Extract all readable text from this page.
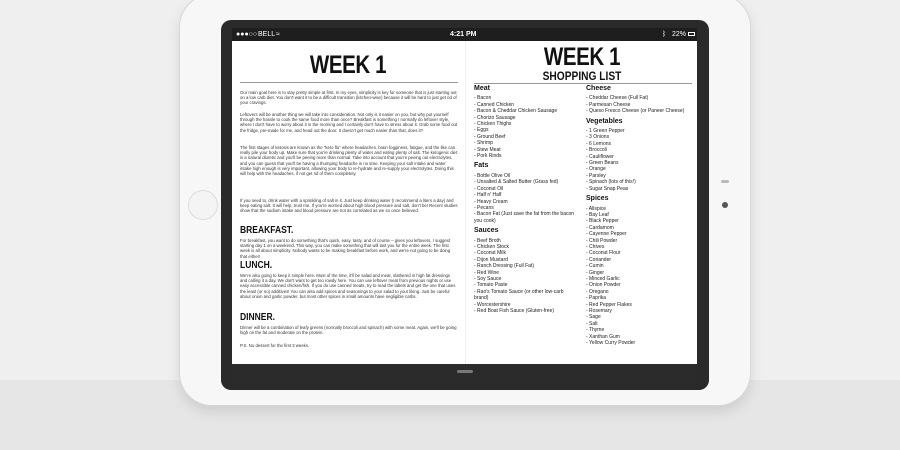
●●●○○ BELL ≈	4:21 PM	ᛒ 22%
WEEK 1
Our main goal here is to stay pretty simple at first. In my eyes, simplicity is key for someone that is just starting out on a low carb diet. You don't want it to be a difficult transition (kitchen-wise) because it will be hard to just get rid of your cravings.
Leftovers will be another thing we will take into consideration. Not only is it easier on you, but why put yourself through the hassle to cook the same food more than once? Breakfast is something I normally do leftover style, where I don't have to worry about it in the morning and I certainly don't have to stress about it. Grab some food out the fridge, pre-made for me, and head out the door. It doesn't get much easier than that, does it?
The first stages of ketosis are known as the "keto flu" where headaches, brain fogginess, fatigue, and the like can really pile your body up. Make sure that you're drinking plenty of water and eating plenty of salt. The ketogenic diet is a natural diuretic and you'll be peeing more than normal. Take into account that you're peeing out electrolytes, and you can guess that you'll be having a thumping headache in no time. Keeping your salt intake and water intake high enough is very important, allowing your body to re-hydrate and re-supply your electrolytes. Doing this will help with the headaches, if not get rid of them completely.
If you need to, drink water with a sprinkling of salt in it. Just keep drinking water (I recommend a liters a day) and keep eating salt. It will help, trust me. If you're worried about high blood pressure and salt, don't be! Recent studies show that the sodium intake and blood pressure are not as correlated as we so once believed.
BREAKFAST.
For breakfast, you want to do something that's quick, easy, tasty, and of course – gives you leftovers. I suggest starting day 1 on a weekend. This way, you can make something that will last you for the entire week. The first week is all about simplicity. Nobody wants to be making breakfast before work, and we're not going to be doing that either!
LUNCH.
We're also going to keep it simple here. Most of the time, it'll be salad and meat, slathered in high fat dressings and calling it a day. We don't want to get too rowdy here. You can use leftover meat from previous nights or use easy accessible canned chicken/fish. If you do use canned meats, try to read the labels and get the one that uses the least (or no) additives! You can also add spices and seasonings to your salad to your liking. Just be careful about onion and garlic powder, but most other spices in small amounts have negligible carbs.
DINNER.
Dinner will be a combination of leafy greens (normally broccoli and spinach) with some meat. Again, we'll be going high on the fat and moderate on the protein.
P.S. No dessert for the first 3 weeks.
WEEK 1
SHOPPING LIST
Meat
- Bacon
- Canned Chicken
- Bacon & Cheddar Chicken Sausage
- Chorizo Sausage
- Chicken Thighs
- Eggs
- Ground Beef
- Shrimp
- Stew Meat
- Pork Rinds
Fats
- Bottle Olive Oil
- Unsalted & Salted Butter (Grass fed)
- Coconut Oil
- Half n' Half
- Heavy Cream
- Pecans
- Bacon Fat (Just save the fat from the bacon
you cook)
Sauces
- Beef Broth
- Chicken Stock
- Coconut Milk
- Dijon Mustard
- Ranch Dressing (Full Fat)
- Red Wine
- Soy Sauce
- Tomato Paste
- Rao's Tomato Sauce (or other low-carb
brand)
- Worcestershire
- Red Boat Fish Sauce (Gluten-free)
Cheese
- Cheddar Cheese (Full Fat)
- Parmesan Cheese
- Queso Fresco Cheese (or Paneer Cheese)
Vegetables
- 1 Green Pepper
- 3 Onions
- 6 Lemons
- Broccoli
- Cauliflower
- Green Beans
- Orange
- Parsley
- Spinach (lots of this!)
- Sugar Snap Peas
Spices
- Allspice
- Bay Leaf
- Black Pepper
- Cardamom
- Cayenne Pepper
- Chili Powder
- Chives
- Coconut Flour
- Coriander
- Cumin
- Ginger
- Minced Garlic
- Onion Powder
- Oregano
- Paprika
- Red Pepper Flakes
- Rosemary
- Sage
- Salt
- Thyme
- Xanthan Gum
- Yellow Curry Powder
